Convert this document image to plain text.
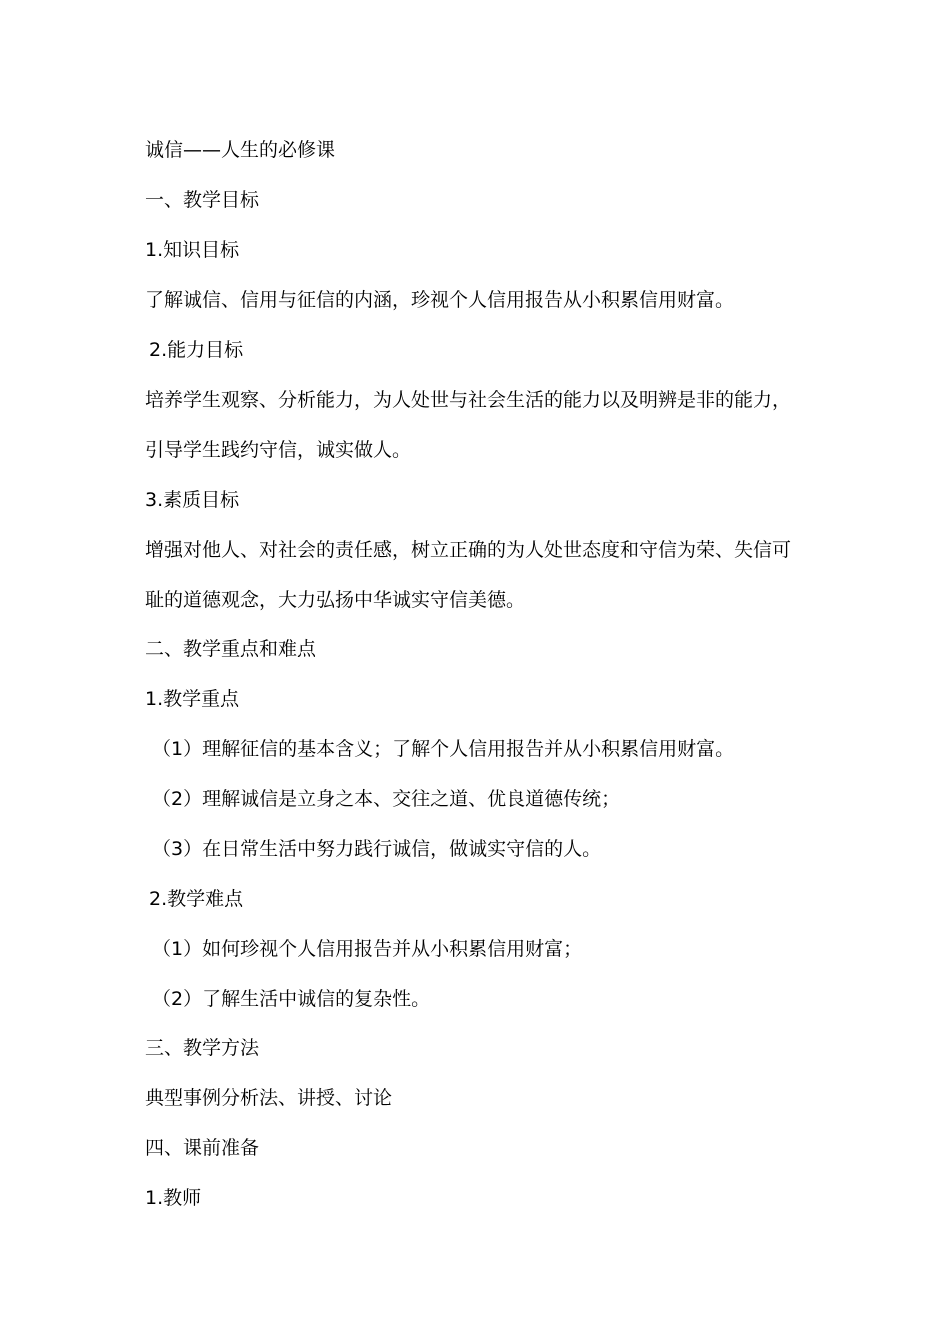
诚信——人生的必修课
一、教学目标
1.知识目标
了解诚信、信用与征信的内涵，珍视个人信用报告从小积累信用财富。
2.能力目标
培养学生观察、分析能力，为人处世与社会生活的能力以及明辨是非的能力，
引导学生践约守信，诚实做人。
3.素质目标
增强对他人、对社会的责任感，树立正确的为人处世态度和守信为荣、失信可
耻的道德观念，大力弘扬中华诚实守信美德。
二、教学重点和难点
1.教学重点
（1）理解征信的基本含义；了解个人信用报告并从小积累信用财富。
（2）理解诚信是立身之本、交往之道、优良道德传统；
（3）在日常生活中努力践行诚信，做诚实守信的人。
2.教学难点
（1）如何珍视个人信用报告并从小积累信用财富；
（2）了解生活中诚信的复杂性。
三、教学方法
典型事例分析法、讲授、讨论
四、课前准备
1.教师
